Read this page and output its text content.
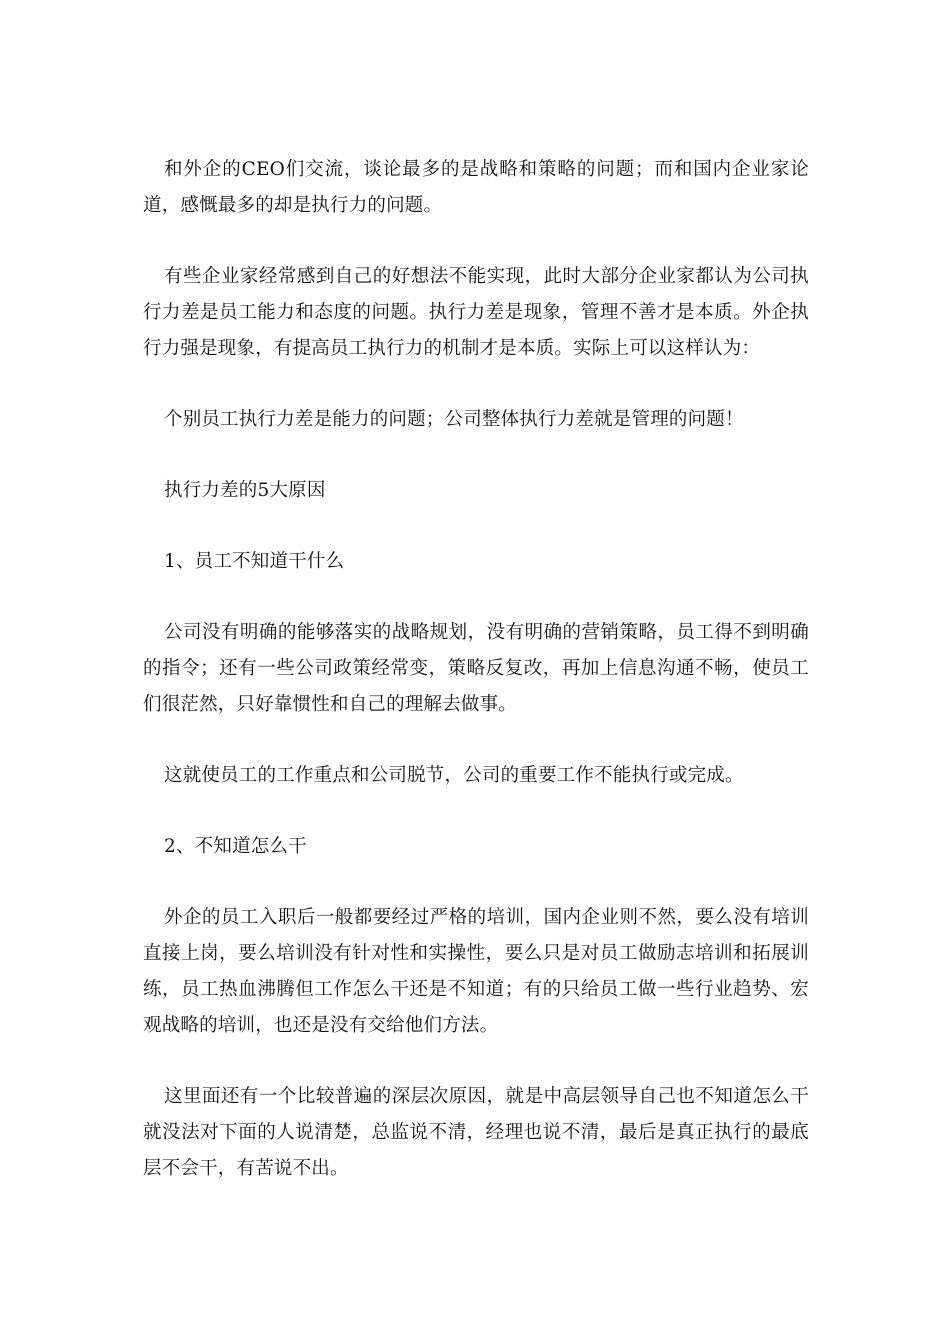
和外企的CEO们交流，谈论最多的是战略和策略的问题；而和国内企业家论道，感慨最多的却是执行力的问题。

有些企业家经常感到自己的好想法不能实现，此时大部分企业家都认为公司执行力差是员工能力和态度的问题。执行力差是现象，管理不善才是本质。外企执行力强是现象，有提高员工执行力的机制才是本质。实际上可以这样认为：

个别员工执行力差是能力的问题；公司整体执行力差就是管理的问题！

执行力差的5大原因

1、员工不知道干什么

公司没有明确的能够落实的战略规划，没有明确的营销策略，员工得不到明确的指令；还有一些公司政策经常变，策略反复改，再加上信息沟通不畅，使员工们很茫然，只好靠惯性和自己的理解去做事。

这就使员工的工作重点和公司脱节，公司的重要工作不能执行或完成。

2、不知道怎么干

外企的员工入职后一般都要经过严格的培训，国内企业则不然，要么没有培训直接上岗，要么培训没有针对性和实操性，要么只是对员工做励志培训和拓展训练，员工热血沸腾但工作怎么干还是不知道；有的只给员工做一些行业趋势、宏观战略的培训，也还是没有交给他们方法。

这里面还有一个比较普遍的深层次原因，就是中高层领导自己也不知道怎么干就没法对下面的人说清楚，总监说不清，经理也说不清，最后是真正执行的最底层不会干，有苦说不出。
